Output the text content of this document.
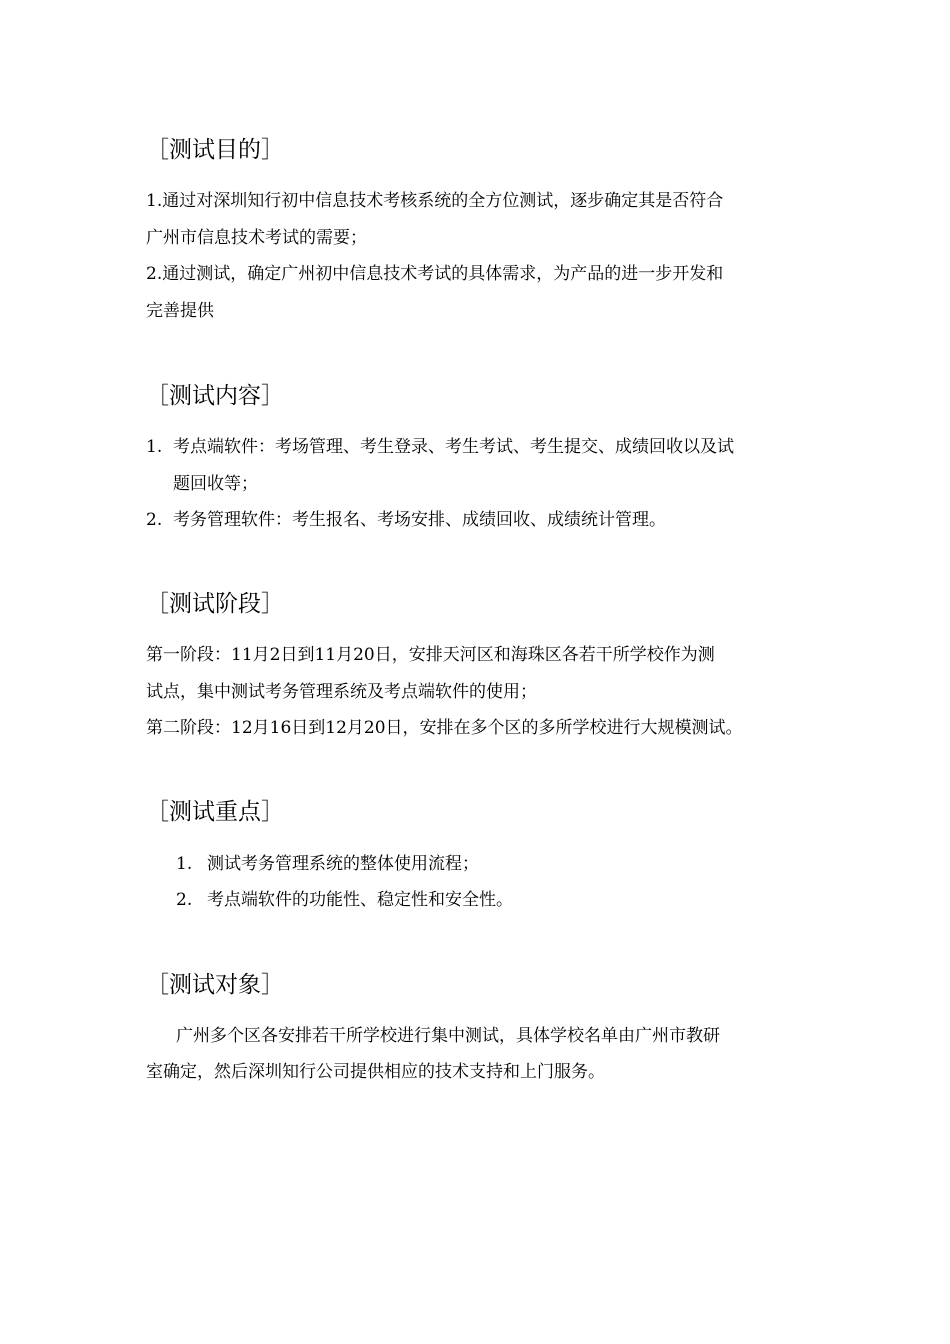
［测试目的］
1.通过对深圳知行初中信息技术考核系统的全方位测试，逐步确定其是否符合
广州市信息技术考试的需要；
2.通过测试，确定广州初中信息技术考试的具体需求，为产品的进一步开发和
完善提供
［测试内容］
1. 考点端软件：考场管理、考生登录、考生考试、考生提交、成绩回收以及试
题回收等；
2. 考务管理软件：考生报名、考场安排、成绩回收、成绩统计管理。
［测试阶段］
第一阶段：11月2日到11月20日，安排天河区和海珠区各若干所学校作为测
试点，集中测试考务管理系统及考点端软件的使用；
第二阶段：12月16日到12月20日，安排在多个区的多所学校进行大规模测试。
［测试重点］
1. 测试考务管理系统的整体使用流程；
2. 考点端软件的功能性、稳定性和安全性。
［测试对象］
广州多个区各安排若干所学校进行集中测试，具体学校名单由广州市教研
室确定，然后深圳知行公司提供相应的技术支持和上门服务。
